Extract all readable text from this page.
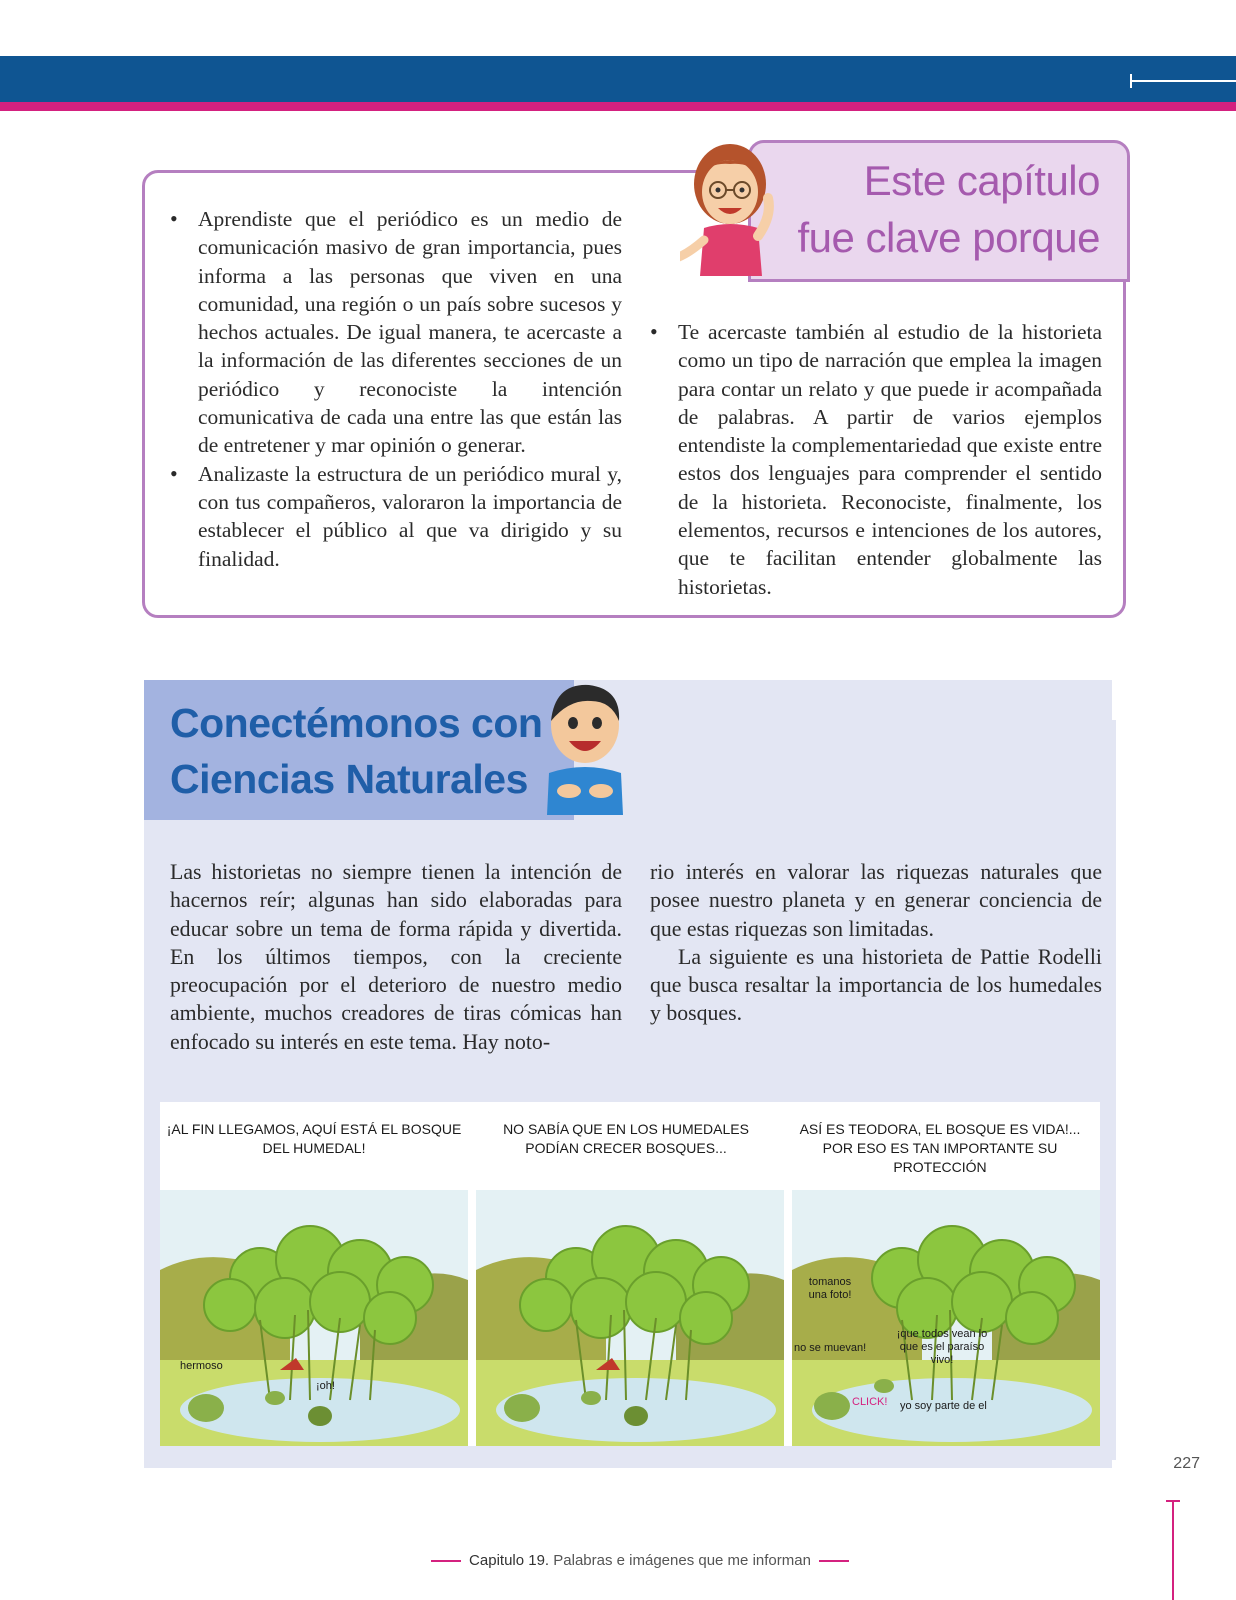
Este capítulo
fue clave porque
• Aprendiste que el periódico es un medio de comunicación masivo de gran importancia, pues informa a las personas que viven en una comunidad, una región o un país sobre sucesos y hechos actuales. De igual manera, te acercaste a la información de las diferentes secciones de un periódico y reconociste la intención comunicativa de cada una entre las que están las de entretener y mar opinión o generar.
• Analizaste la estructura de un periódico mural y, con tus compañeros, valoraron la importancia de establecer el público al que va dirigido y su finalidad.
• Te acercaste también al estudio de la historieta como un tipo de narración que emplea la imagen para contar un relato y que puede ir acompañada de palabras. A partir de varios ejemplos entendiste la complementariedad que existe entre estos dos lenguajes para comprender el sentido de la historieta. Reconociste, finalmente, los elementos, recursos e intenciones de los autores, que te facilitan entender globalmente las historietas.
Conectémonos con
Ciencias Naturales

Las historietas no siempre tienen la intención de hacernos reír; algunas han sido elaboradas para educar sobre un tema de forma rápida y divertida. En los últimos tiempos, con la creciente preocupación por el deterioro de nuestro medio ambiente, muchos creadores de tiras cómicas han enfocado su interés en este tema. Hay noto-

rio interés en valorar las riquezas naturales que posee nuestro planeta y en generar conciencia de que estas riquezas son limitadas.

La siguiente es una historieta de Pattie Rodelli que busca resaltar la importancia de los humedales y bosques.

¡AL FIN LLEGAMOS, AQUÍ ESTÁ EL BOSQUE DEL HUMEDAL!
NO SABÍA QUE EN LOS HUMEDALES PODÍAN CRECER BOSQUES...
ASÍ ES TEODORA, EL BOSQUE ES VIDA!... POR ESO ES TAN IMPORTANTE SU PROTECCIÓN
hermoso
¡oh!
tomanos una foto!
no se muevan!
¡que todos vean lo que es el paraíso vivo!
CLICK! yo soy parte de el
227
Capitulo 19. Palabras e imágenes que me informan
